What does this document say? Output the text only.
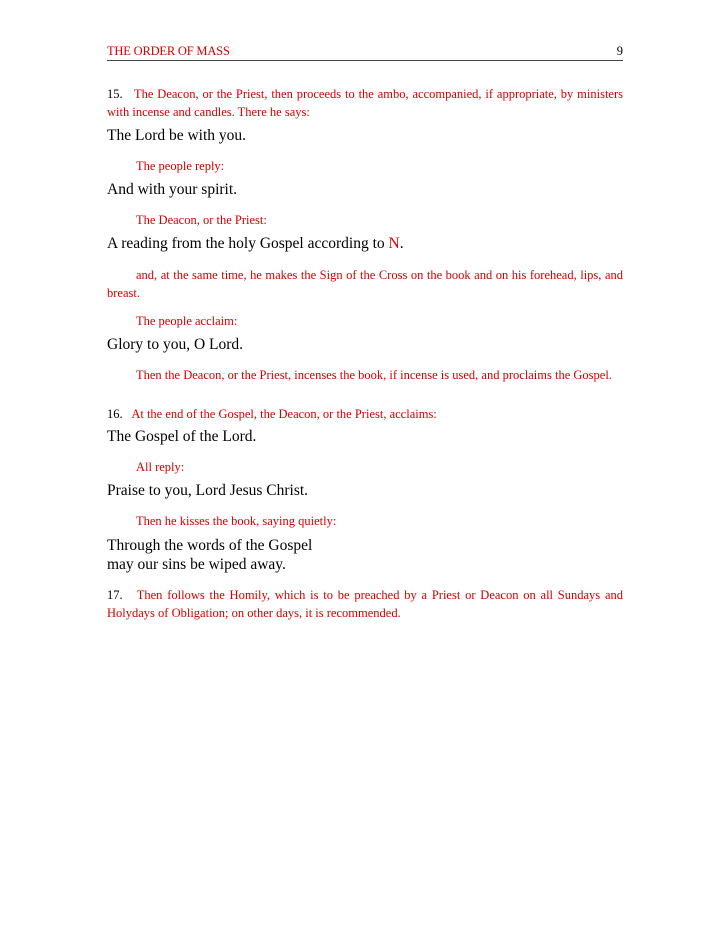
THE ORDER OF MASS	9
15. The Deacon, or the Priest, then proceeds to the ambo, accompanied, if appropriate, by ministers with incense and candles. There he says:
The Lord be with you.
The people reply:
And with your spirit.
The Deacon, or the Priest:
A reading from the holy Gospel according to N.
and, at the same time, he makes the Sign of the Cross on the book and on his forehead, lips, and breast.
The people acclaim:
Glory to you, O Lord.
Then the Deacon, or the Priest, incenses the book, if incense is used, and proclaims the Gospel.
16. At the end of the Gospel, the Deacon, or the Priest, acclaims:
The Gospel of the Lord.
All reply:
Praise to you, Lord Jesus Christ.
Then he kisses the book, saying quietly:
Through the words of the Gospel
may our sins be wiped away.
17. Then follows the Homily, which is to be preached by a Priest or Deacon on all Sundays and Holydays of Obligation; on other days, it is recommended.
